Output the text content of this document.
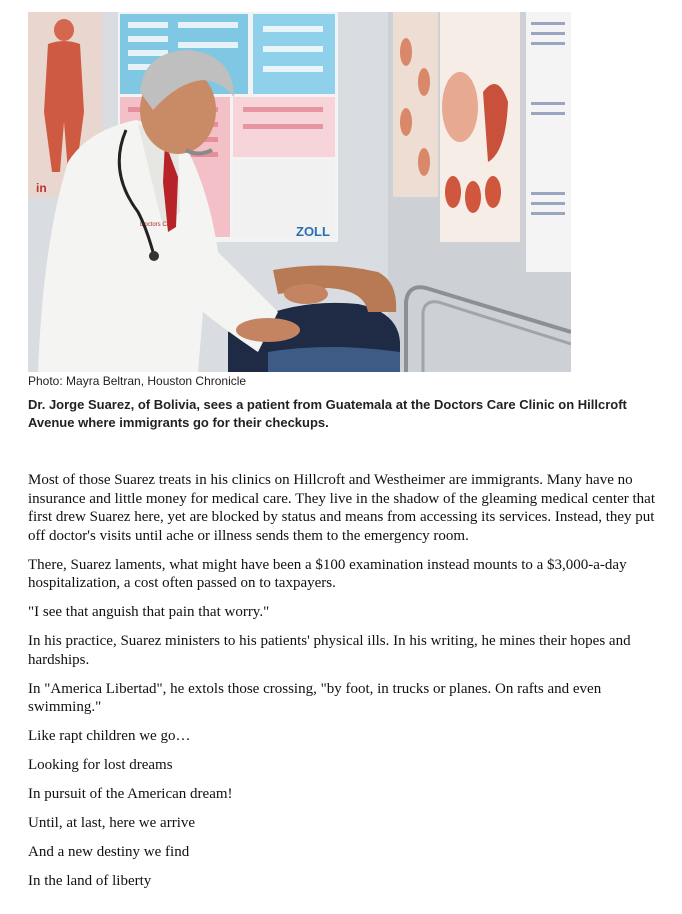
in
ZOLL
Doctors Care
Photo: Mayra Beltran, Houston Chronicle
Dr. Jorge Suarez, of Bolivia, sees a patient from Guatemala at the Doctors Care Clinic on Hillcroft Avenue where immigrants go for their checkups.

Most of those Suarez treats in his clinics on Hillcroft and Westheimer are immigrants. Many have no insurance and little money for medical care. They live in the shadow of the gleaming medical center that first drew Suarez here, yet are blocked by status and means from accessing its services. Instead, they put off doctor's visits until ache or illness sends them to the emergency room.

There, Suarez laments, what might have been a $100 examination instead mounts to a $3,000-a-day hospitalization, a cost often passed on to taxpayers.

"I see that anguish that pain that worry."

In his practice, Suarez ministers to his patients' physical ills. In his writing, he mines their hopes and hardships.

In "America Libertad", he extols those crossing, "by foot, in trucks or planes. On rafts and even swimming."

Like rapt children we go…

Looking for lost dreams

In pursuit of the American dream!

Until, at last, here we arrive

And a new destiny we find

In the land of liberty
